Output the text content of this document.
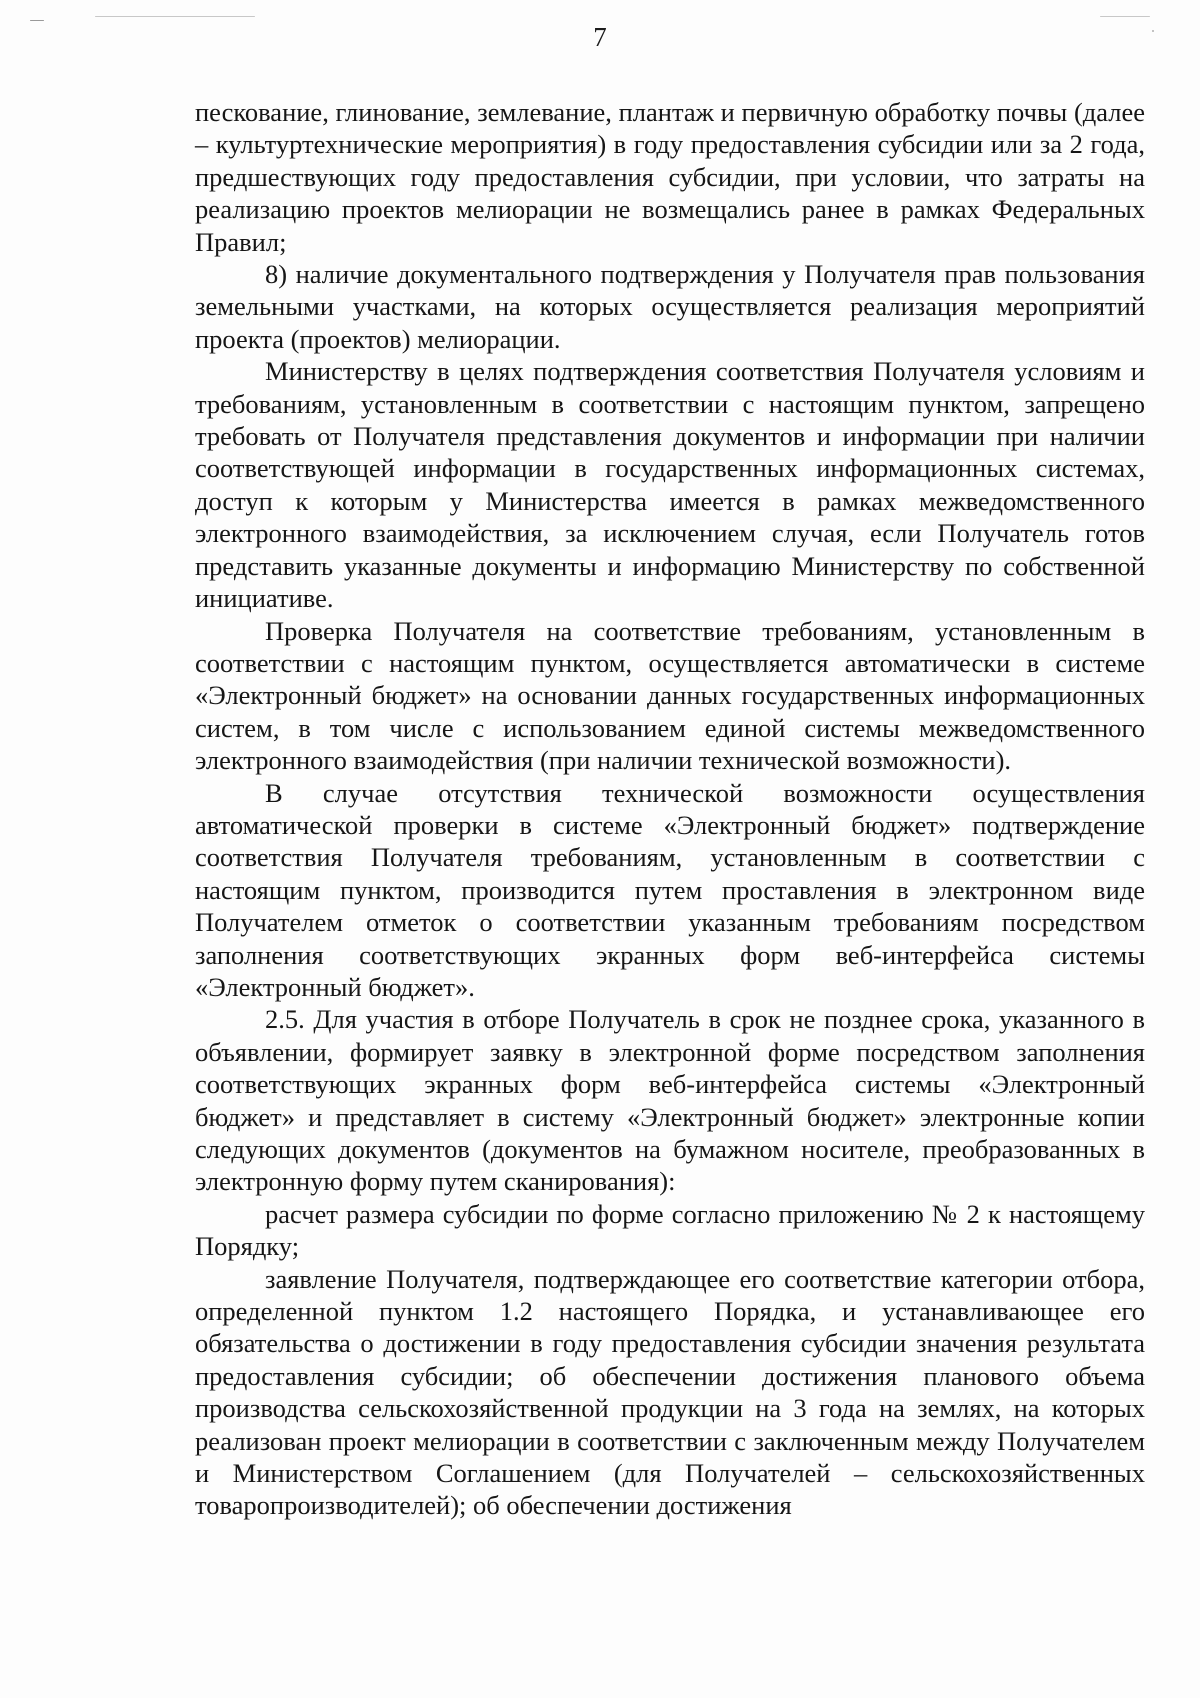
7

пескование, глинование, землевание, плантаж и первичную обработку почвы (далее – культуртехнические мероприятия) в году предоставления субсидии или за 2 года, предшествующих году предоставления субсидии, при условии, что затраты на реализацию проектов мелиорации не возмещались ранее в рамках Федеральных Правил;

8) наличие документального подтверждения у Получателя прав пользования земельными участками, на которых осуществляется реализация мероприятий проекта (проектов) мелиорации.

Министерству в целях подтверждения соответствия Получателя условиям и требованиям, установленным в соответствии с настоящим пунктом, запрещено требовать от Получателя представления документов и информации при наличии соответствующей информации в государственных информационных системах, доступ к которым у Министерства имеется в рамках межведомственного электронного взаимодействия, за исключением случая, если Получатель готов представить указанные документы и информацию Министерству по собственной инициативе.

Проверка Получателя на соответствие требованиям, установленным в соответствии с настоящим пунктом, осуществляется автоматически в системе «Электронный бюджет» на основании данных государственных информационных систем, в том числе с использованием единой системы межведомственного электронного взаимодействия (при наличии технической возможности).

В случае отсутствия технической возможности осуществления автоматической проверки в системе «Электронный бюджет» подтверждение соответствия Получателя требованиям, установленным в соответствии с настоящим пунктом, производится путем проставления в электронном виде Получателем отметок о соответствии указанным требованиям посредством заполнения соответствующих экранных форм веб-интерфейса системы «Электронный бюджет».

2.5. Для участия в отборе Получатель в срок не позднее срока, указанного в объявлении, формирует заявку в электронной форме посредством заполнения соответствующих экранных форм веб-интерфейса системы «Электронный бюджет» и представляет в систему «Электронный бюджет» электронные копии следующих документов (документов на бумажном носителе, преобразованных в электронную форму путем сканирования):

расчет размера субсидии по форме согласно приложению № 2 к настоящему Порядку;

заявление Получателя, подтверждающее его соответствие категории отбора, определенной пунктом 1.2 настоящего Порядка, и устанавливающее его обязательства о достижении в году предоставления субсидии значения результата предоставления субсидии; об обеспечении достижения планового объема производства сельскохозяйственной продукции на 3 года на землях, на которых реализован проект мелиорации в соответствии с заключенным между Получателем и Министерством Соглашением (для Получателей – сельскохозяйственных товаропроизводителей); об обеспечении достижения
